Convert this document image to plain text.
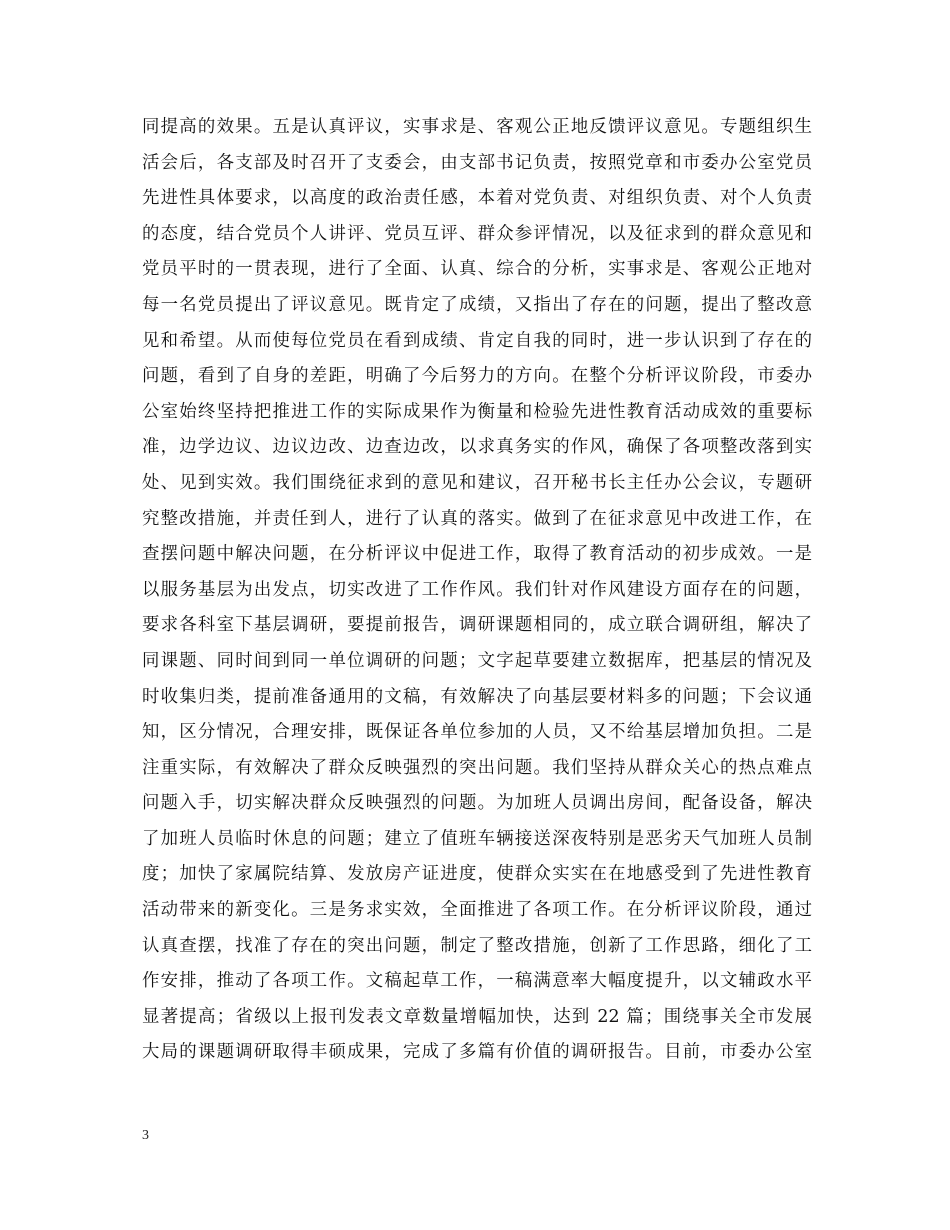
同提高的效果。五是认真评议，实事求是、客观公正地反馈评议意见。专题组织生
活会后，各支部及时召开了支委会，由支部书记负责，按照党章和市委办公室党员
先进性具体要求，以高度的政治责任感，本着对党负责、对组织负责、对个人负责
的态度，结合党员个人讲评、党员互评、群众参评情况，以及征求到的群众意见和
党员平时的一贯表现，进行了全面、认真、综合的分析，实事求是、客观公正地对
每一名党员提出了评议意见。既肯定了成绩，又指出了存在的问题，提出了整改意
见和希望。从而使每位党员在看到成绩、肯定自我的同时，进一步认识到了存在的
问题，看到了自身的差距，明确了今后努力的方向。在整个分析评议阶段，市委办
公室始终坚持把推进工作的实际成果作为衡量和检验先进性教育活动成效的重要标
准，边学边议、边议边改、边查边改，以求真务实的作风，确保了各项整改落到实
处、见到实效。我们围绕征求到的意见和建议，召开秘书长主任办公会议，专题研
究整改措施，并责任到人，进行了认真的落实。做到了在征求意见中改进工作，在
查摆问题中解决问题，在分析评议中促进工作，取得了教育活动的初步成效。一是
以服务基层为出发点，切实改进了工作作风。我们针对作风建设方面存在的问题，
要求各科室下基层调研，要提前报告，调研课题相同的，成立联合调研组，解决了
同课题、同时间到同一单位调研的问题；文字起草要建立数据库，把基层的情况及
时收集归类，提前准备通用的文稿，有效解决了向基层要材料多的问题；下会议通
知，区分情况，合理安排，既保证各单位参加的人员，又不给基层增加负担。二是
注重实际，有效解决了群众反映强烈的突出问题。我们坚持从群众关心的热点难点
问题入手，切实解决群众反映强烈的问题。为加班人员调出房间，配备设备，解决
了加班人员临时休息的问题；建立了值班车辆接送深夜特别是恶劣天气加班人员制
度；加快了家属院结算、发放房产证进度，使群众实实在在地感受到了先进性教育
活动带来的新变化。三是务求实效，全面推进了各项工作。在分析评议阶段，通过
认真查摆，找准了存在的突出问题，制定了整改措施，创新了工作思路，细化了工
作安排，推动了各项工作。文稿起草工作，一稿满意率大幅度提升，以文辅政水平
显著提高；省级以上报刊发表文章数量增幅加快，达到 22 篇；围绕事关全市发展
大局的课题调研取得丰硕成果，完成了多篇有价值的调研报告。目前，市委办公室
3
